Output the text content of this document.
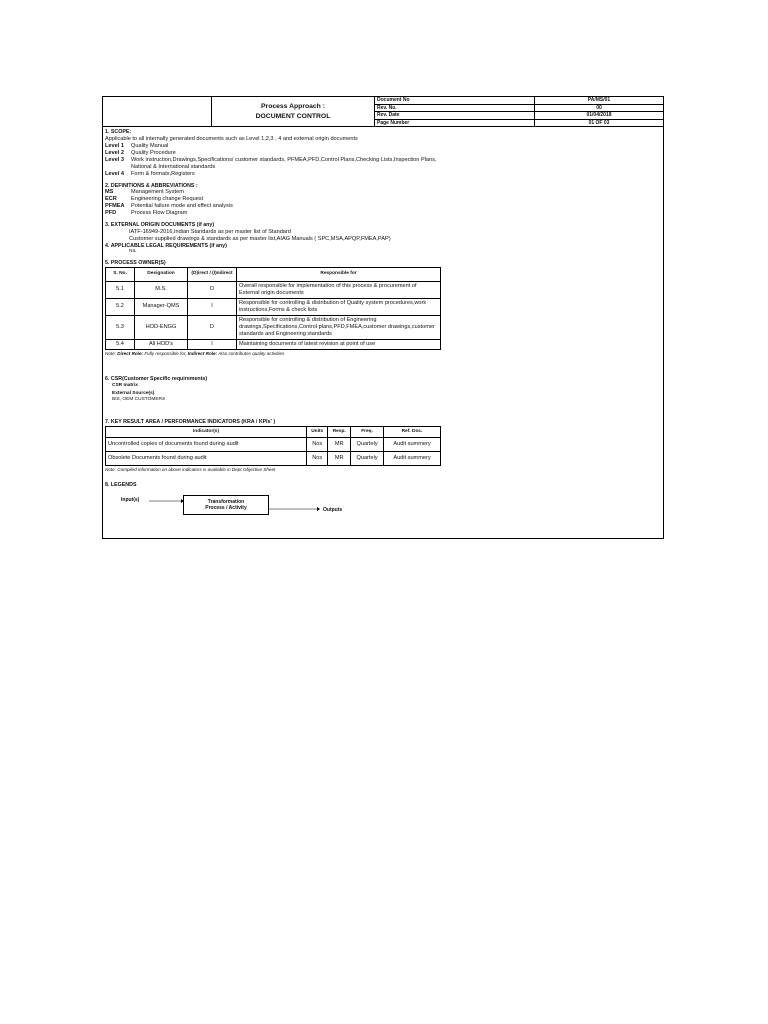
Process Approach :
DOCUMENT CONTROL
Document No	PA/MS/01
Rev. No.	00
Rev. Date	01/04/2018
Page Number	01 OF 03
1. SCOPE:
Applicable to all internally generated documents such as Level 1,2,3 , 4 and external origin documents
Level 1	Quality Manual
Level 2	Quality Procedure
Level 3	Work instruction,Drawings,Specifications/ customer standards, PFMEA,PFD,Control Plans,Checking Lists,Inspection Plans,
National & International standards
Level 4	Form & formats,Registers
2. DEFINITIONS & ABBREVIATIONS :
MS	Management System
ECR	Engineering change Request
PFMEA	Potential failure mode and effect analysis
PFD	Process Flow Diagram
3. EXTERNAL ORIGIN DOCUMENTS (if any)
IATF-16949-2016,Indian Standards as per master list of Standard
Customer supplied drawings & standards as per master list,AIAG Manuals ( SPC,MSA,APQP,FMEA,PAP)
4. APPLICABLE LEGAL REQUIREMENTS (if any)
NIL
5. PROCESS OWNER(S)
S. No.	Designation	(D)irect / (I)ndirect	Responsible for
5.1	M.S.	D	Overall responsible for implementation of this process & procurement of External origin documents
5.2	Manager-QMS	I	Responsible for controlling & distribution of Quality system procedures,work instructions,Forms & check lists
5.3	HOD-ENGG	D	Responsible for controlling & distribution of Engineering drawings,Specifications,Control plans,PFD,FMEA,customer drawings,customer standards and Engineering standards
5.4	All HOD's	I	Maintaining documents of latest revision at point of use
Note: Direct Role: Fully responsible for, Indirect Role: Also contributes quality activities
6. CSR(Customer Specific requirements)
CSR matrix
External Source(s)
BIS, OEM CUSTOMERS
7. KEY RESULT AREA / PERFORMANCE INDICATORS (KRA / KPIs' )
Indicator(s)	Units	Resp.	Freq.	Ref. Doc.
Uncontrolled copies of documents found during audit	Nos	MR	Quartely	Audit summery
Obsolete Documents found during audit	Nos	MR	Quartely	Audit summery
Note: Compiled information on above indicators is available in Dept Objective Sheet
8. LEGENDS
Input(s)	Transformation
Process / Activity	Outputs
